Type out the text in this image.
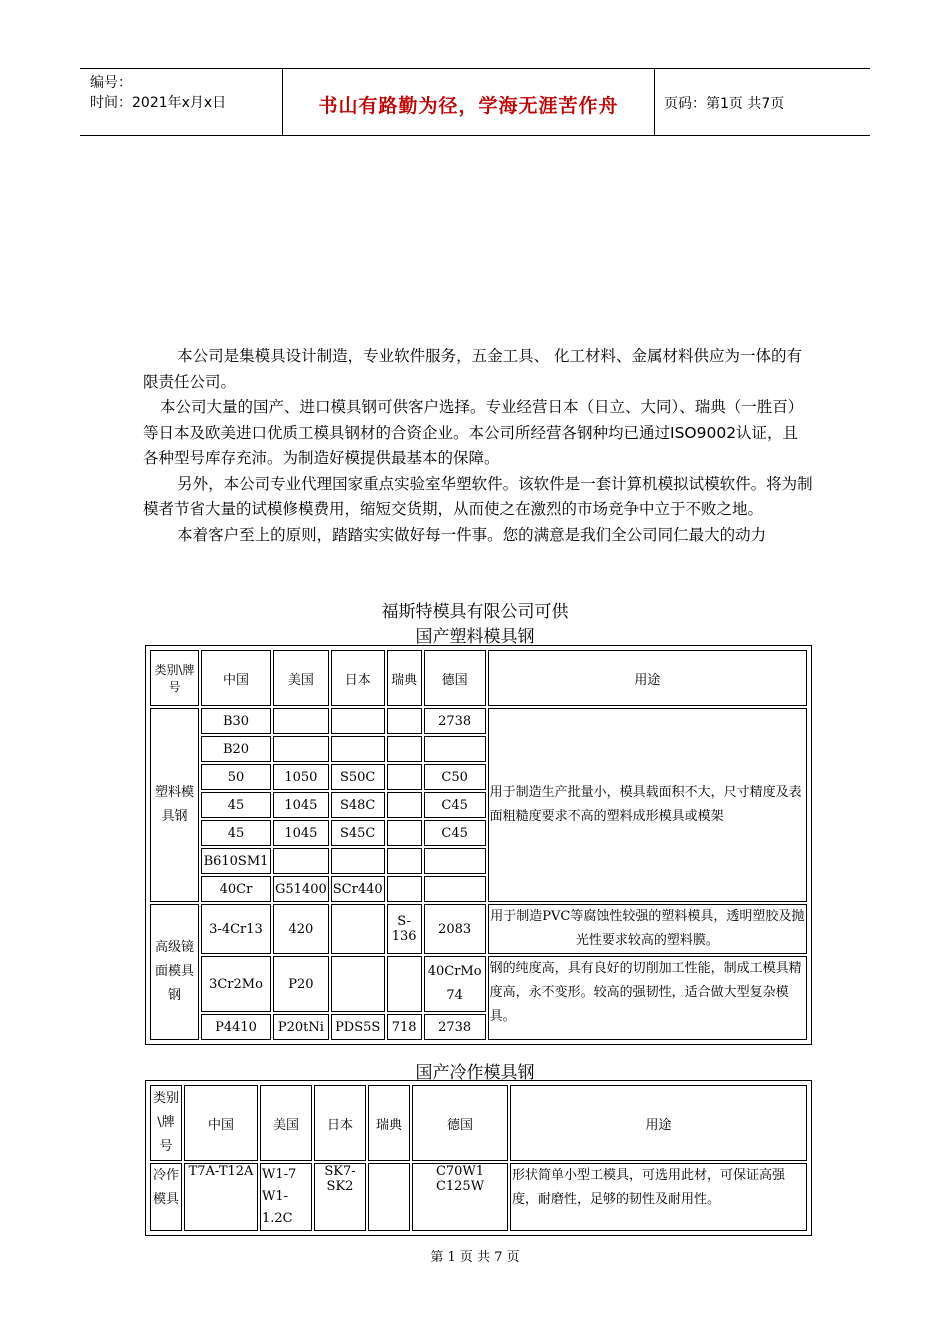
编号：
时间：2021年x月x日	书山有路勤为径，学海无涯苦作舟	页码：第1页 共7页

本公司是集模具设计制造，专业软件服务，五金工具、 化工材料、金属材料供应为一体的有限责任公司。

本公司大量的国产、进口模具钢可供客户选择。专业经营日本（日立、大同）、瑞典（一胜百）等日本及欧美进口优质工模具钢材的合资企业。本公司所经营各钢种均已通过ISO9002认证，且各种型号库存充沛。为制造好模提供最基本的保障。

另外，本公司专业代理国家重点实验室华塑软件。该软件是一套计算机模拟试模软件。将为制模者节省大量的试模修模费用，缩短交货期，从而使之在激烈的市场竞争中立于不败之地。

本着客户至上的原则，踏踏实实做好每一件事。您的满意是我们全公司同仁最大的动力

福斯特模具有限公司可供
国产塑料模具钢
类别\牌号	中国	美国	日本	瑞典	德国	用途
塑料模具钢	B30				2738	用于制造生产批量小，模具载面积不大，尺寸精度及表面粗糙度要求不高的塑料成形模具或模架
	B20					
	50	1050	S50C		C50	
	45	1045	S48C		C45	
	45	1045	S45C		C45	
	B610SM1					
	40Cr	G51400	SCr440			
高级镜面模具钢	3-4Cr13	420		S-136	2083	用于制造PVC等腐蚀性较强的塑料模具，透明塑胶及抛光性要求较高的塑料膜。
	3Cr2Mo	P20			40CrMo74	钢的纯度高，具有良好的切削加工性能，制成工模具精度高，永不变形。较高的强韧性，适合做大型复杂模具。
	P4410	P20tNi	PDS5S	718	2738	
国产冷作模具钢
类别\牌号	中国	美国	日本	瑞典	德国	用途
冷作模具	T7A-T12A	W1-7 W1-1.2C	SK7-SK2		C70W1 C125W	形状简单小型工模具，可选用此材，可保证高强度，耐磨性，足够的韧性及耐用性。
第 1 页 共 7 页
